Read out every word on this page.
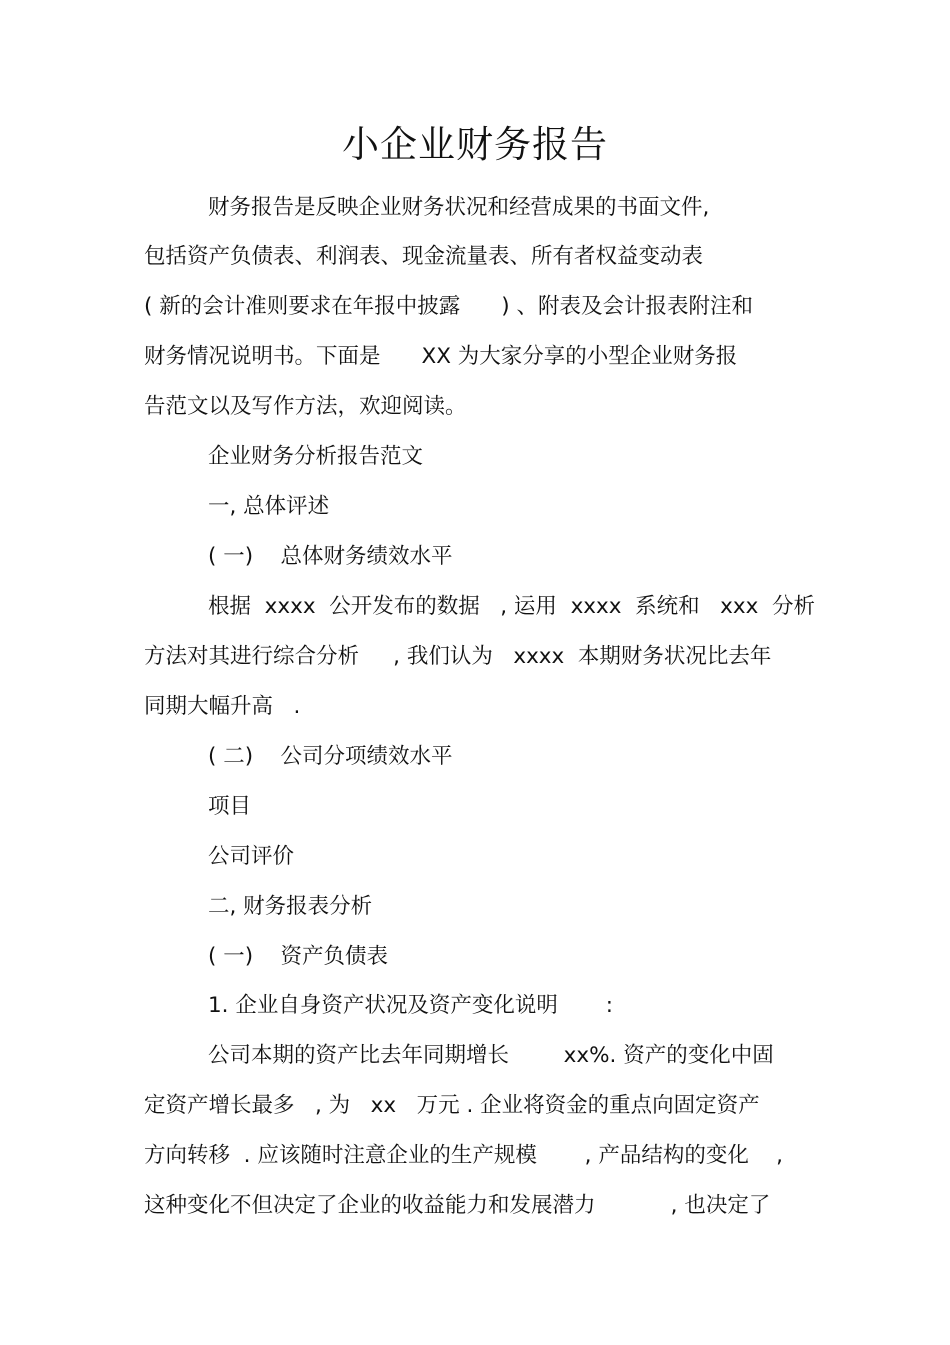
小企业财务报告
财务报告是反映企业财务状况和经营成果的书面文件,
包括资产负债表、利润表、现金流量表、所有者权益变动表
( 新的会计准则要求在年报中披露      ) 、附表及会计报表附注和
财务情况说明书。下面是      XX 为大家分享的小型企业财务报
告范文以及写作方法，欢迎阅读。
企业财务分析报告范文
一, 总体评述
( 一)    总体财务绩效水平
根据  xxxx  公开发布的数据   , 运用  xxxx  系统和   xxx  分析
方法对其进行综合分析     , 我们认为   xxxx  本期财务状况比去年
同期大幅升高   .
( 二)    公司分项绩效水平
项目
公司评价
二, 财务报表分析
( 一)    资产负债表
1. 企业自身资产状况及资产变化说明       :
公司本期的资产比去年同期增长        xx%. 资产的变化中固
定资产增长最多   , 为   xx   万元 . 企业将资金的重点向固定资产
方向转移  . 应该随时注意企业的生产规模       , 产品结构的变化    ,
这种变化不但决定了企业的收益能力和发展潜力           , 也决定了
